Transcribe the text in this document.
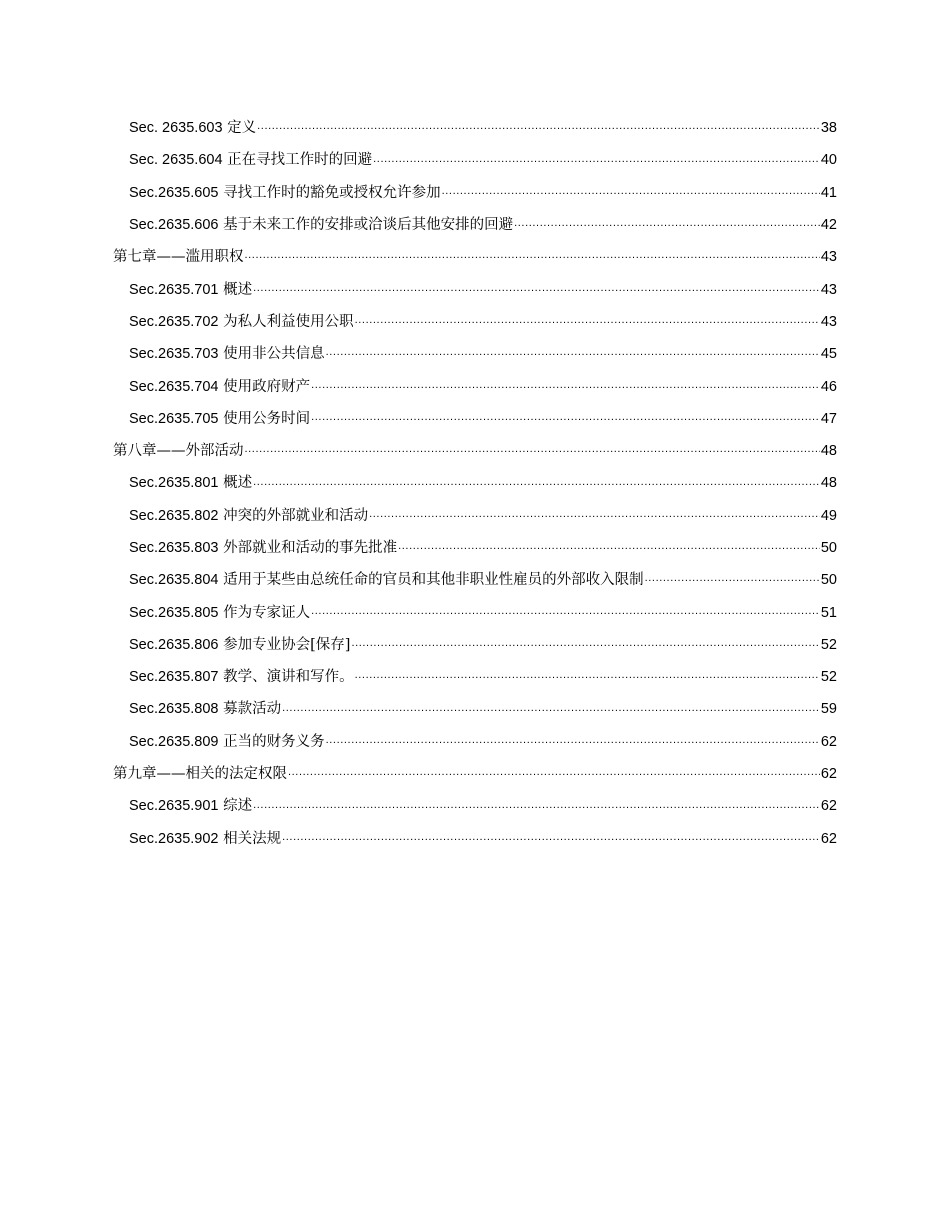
Sec. 2635.603 定义 .....	38
Sec. 2635.604 正在寻找工作时的回避 .....	40
Sec.2635.605 寻找工作时的豁免或授权允许参加 .....	41
Sec.2635.606 基于未来工作的安排或洽谈后其他安排的回避 .....	42
第七章——滥用职权 .....	43
Sec.2635.701 概述 .....	43
Sec.2635.702 为私人利益使用公职 .....	43
Sec.2635.703 使用非公共信息 .....	45
Sec.2635.704 使用政府财产 .....	46
Sec.2635.705 使用公务时间 .....	47
第八章——外部活动 .....	48
Sec.2635.801 概述 .....	48
Sec.2635.802 冲突的外部就业和活动 .....	49
Sec.2635.803 外部就业和活动的事先批准 .....	50
Sec.2635.804 适用于某些由总统任命的官员和其他非职业性雇员的外部收入限制 .....	50
Sec.2635.805 作为专家证人 .....	51
Sec.2635.806 参加专业协会[保存] .....	52
Sec.2635.807 教学、演讲和写作。 .....	52
Sec.2635.808 募款活动 .....	59
Sec.2635.809 正当的财务义务 .....	62
第九章——相关的法定权限 .....	62
Sec.2635.901 综述 .....	62
Sec.2635.902 相关法规 .....	62
